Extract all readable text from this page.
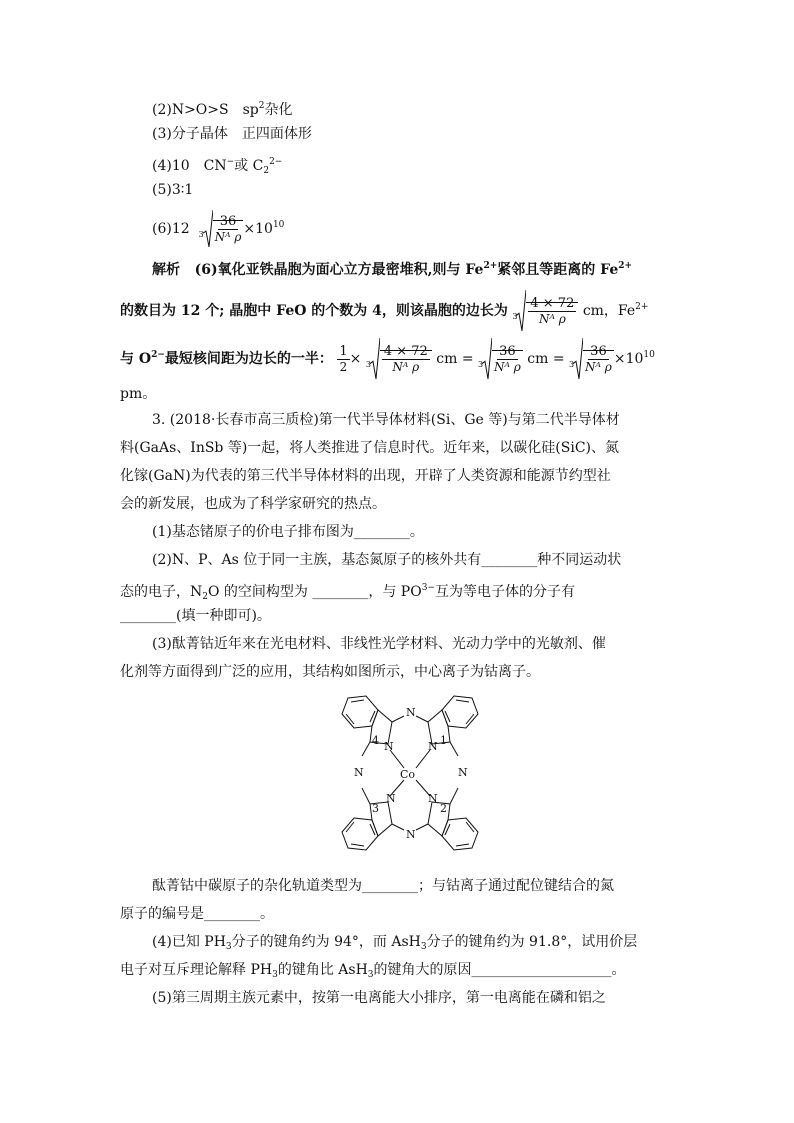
(2)N>O>S　$sp^2$杂化
(3)分子晶体　正四面体形
(4)10　CN−或 $C_2^{2-}$
(5)3∶1
(6)12 $3 \frac{36}{\text{Nᴬ ρ}} \times 10^{10}$
解析 (6)氧化亚铁晶胞为面心立方最密堆积,则与 $Fe^{2+}$紧邻且等距离的 $Fe^{2+}$
的数目为 12 个; 晶胞中 FeO 的个数为 4，则该晶胞的边长为 $3 \frac{4 \times 72}{\text{Nᴬ ρ}}$ cm，$Fe^{2+}$
与 $O^{2-}$最短核间距为边长的一半： $\frac{1}{2} \times 3 \frac{4 \times 72}{\text{Nᴬ ρ}}$ cm = $3 \frac{36}{\text{Nᴬ ρ}}$ cm = $3 \frac{36}{\text{Nᴬ ρ}} \times 10^{10}$
pm。
3. (2018·长春市高三质检)第一代半导体材料(Si、Ge 等)与第二代半导体材
料(GaAs、InSb 等)一起，将人类推进了信息时代。近年来，以碳化硅(SiC)、氮
化镓(GaN)为代表的第三代半导体材料的出现，开辟了人类资源和能源节约型社
会的新发展，也成为了科学家研究的热点。
(1)基态锗原子的价电子排布图为________。
(2)N、P、As 位于同一主族，基态氮原子的核外共有________种不同运动状
态的电子，$N_2O$ 的空间构型为 ________，与 $PO^{3-}$互为等电子体的分子有
________(填一种即可)。
(3)酞菁钴近年来在光电材料、非线性光学材料、光动力学中的光敏剂、催
化剂等方面得到广泛的应用，其结构如图所示，中心离子为钴离子。
N
N	N
N	N
N	N
N
Co
1
2
3
4
酞菁钴中碳原子的杂化轨道类型为________；与钴离子通过配位键结合的氮
原子的编号是________。
(4)已知 $PH_3$分子的键角约为 94°，而 AsH$_3$分子的键角约为 91.8°，试用价层
电子对互斥理论解释 $PH_3$的键角比 AsH$_3$的键角大的原因____________________。
(5)第三周期主族元素中，按第一电离能大小排序，第一电离能在磷和铝之
